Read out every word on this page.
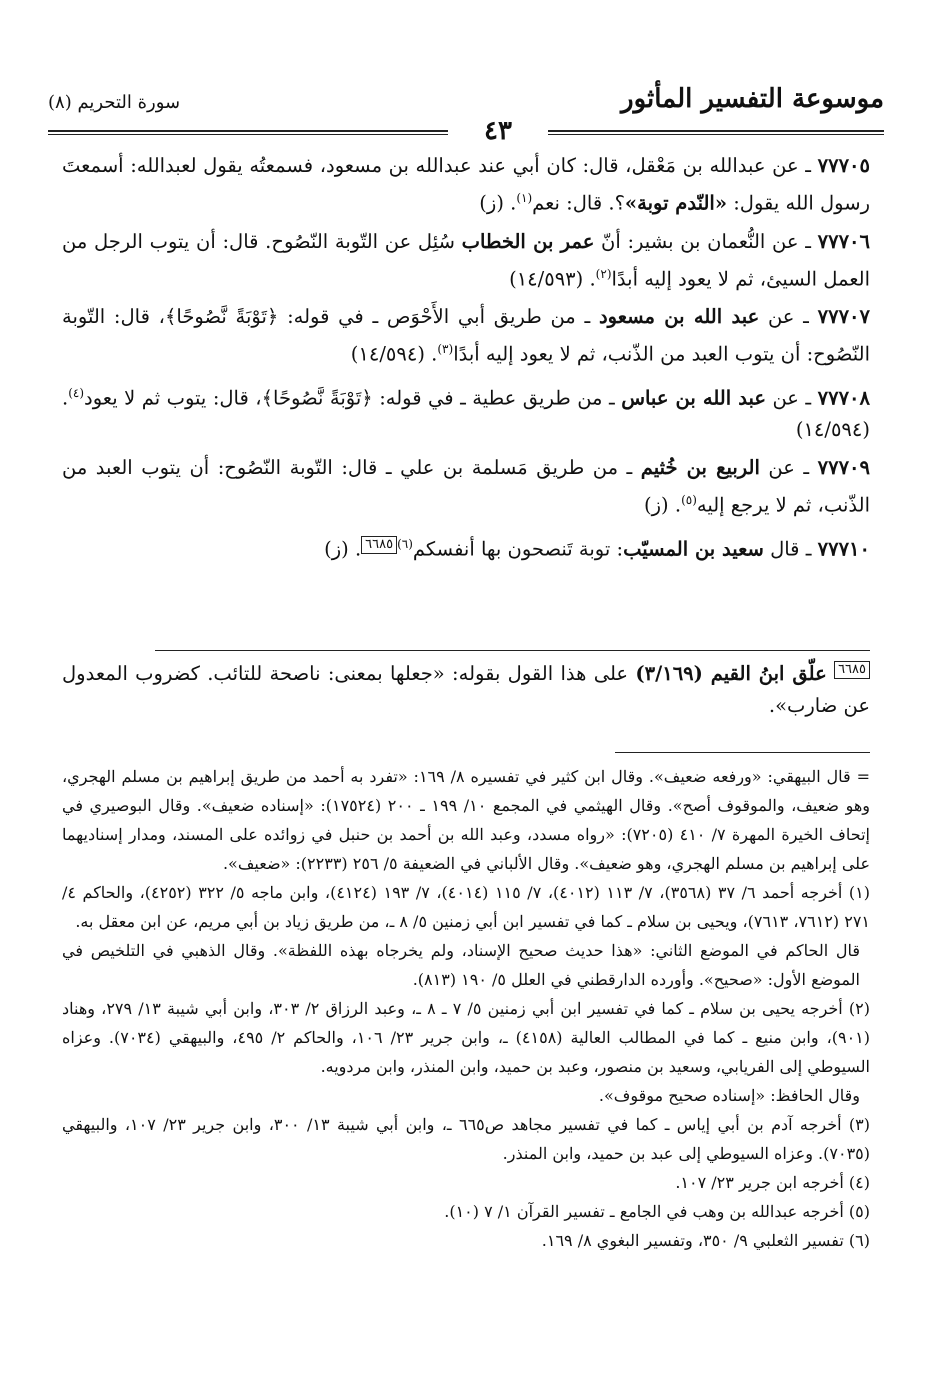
موسوعة التفسير المأثور
سورة التحريم (٨)
٤٣

٧٧٧٠٥ ـ عن عبدالله بن مَعْقل، قال: كان أبي عند عبدالله بن مسعود، فسمعتُه يقول لعبدالله: أسمعتَ رسول الله يقول: «النّدم توبة»؟. قال: نعم$^{(١)}$. (ز)

٧٧٧٠٦ ـ عن النُّعمان بن بشير: أنّ عمر بن الخطاب سُئِل عن التّوبة النّصُوح. قال: أن يتوب الرجل من العمل السيئ، ثم لا يعود إليه أبدًا$^{(٢)}$. (١٤/٥٩٣)

٧٧٧٠٧ ـ عن عبد الله بن مسعود ـ من طريق أبي الأَحْوَص ـ في قوله: ﴿تَوْبَةً نَّصُوحًا﴾، قال: التّوبة النّصُوح: أن يتوب العبد من الذّنب، ثم لا يعود إليه أبدًا$^{(٣)}$. (١٤/٥٩٤)

٧٧٧٠٨ ـ عن عبد الله بن عباس ـ من طريق عطية ـ في قوله: ﴿تَوْبَةً نَّصُوحًا﴾، قال: يتوب ثم لا يعود$^{(٤)}$. (١٤/٥٩٤)

٧٧٧٠٩ ـ عن الربيع بن خُثيم ـ من طريق مَسلمة بن علي ـ قال: التّوبة النّصُوح: أن يتوب العبد من الذّنب، ثم لا يرجع إليه$^{(٥)}$. (ز)

٧٧٧١٠ ـ قال سعيد بن المسيّب: توبة تَنصحون بها أنفسكم$^{(٦)}$٦٦٨٥. (ز)

٦٦٨٥ علّق ابنُ القيم (٣/١٦٩) على هذا القول بقوله: «جعلها بمعنى: ناصحة للتائب. كضروب المعدول عن ضارب».

= قال البيهقي: «ورفعه ضعيف». وقال ابن كثير في تفسيره ٨/ ١٦٩: «تفرد به أحمد من طريق إبراهيم بن مسلم الهجري، وهو ضعيف، والموقوف أصح». وقال الهيثمي في المجمع ١٠/ ١٩٩ ـ ٢٠٠ (١٧٥٢٤): «إسناده ضعيف». وقال البوصيري في إتحاف الخيرة المهرة ٧/ ٤١٠ (٧٢٠٥): «رواه مسدد، وعبد الله بن أحمد بن حنبل في زوائده على المسند، ومدار إسناديهما على إبراهيم بن مسلم الهجري، وهو ضعيف». وقال الألباني في الضعيفة ٥/ ٢٥٦ (٢٢٣٣): «ضعيف».

(١) أخرجه أحمد ٦/ ٣٧ (٣٥٦٨)، ٧/ ١١٣ (٤٠١٢)، ٧/ ١١٥ (٤٠١٤)، ٧/ ١٩٣ (٤١٢٤)، وابن ماجه ٥/ ٣٢٢ (٤٢٥٢)، والحاكم ٤/ ٢٧١ (٧٦١٢، ٧٦١٣)، ويحيى بن سلام ـ كما في تفسير ابن أبي زمنين ٥/ ٨ ـ، من طريق زياد بن أبي مريم، عن ابن معقل به.

قال الحاكم في الموضع الثاني: «هذا حديث صحيح الإسناد، ولم يخرجاه بهذه اللفظة». وقال الذهبي في التلخيص في الموضع الأول: «صحيح». وأورده الدارقطني في العلل ٥/ ١٩٠ (٨١٣).

(٢) أخرجه يحيى بن سلام ـ كما في تفسير ابن أبي زمنين ٥/ ٧ ـ ٨ ـ، وعبد الرزاق ٢/ ٣٠٣، وابن أبي شيبة ١٣/ ٢٧٩، وهناد (٩٠١)، وابن منيع ـ كما في المطالب العالية (٤١٥٨) ـ، وابن جرير ٢٣/ ١٠٦، والحاكم ٢/ ٤٩٥، والبيهقي (٧٠٣٤). وعزاه السيوطي إلى الفريابي، وسعيد بن منصور، وعبد بن حميد، وابن المنذر، وابن مردويه.

وقال الحافظ: «إسناده صحيح موقوف».

(٣) أخرجه آدم بن أبي إياس ـ كما في تفسير مجاهد ص٦٦٥ ـ، وابن أبي شيبة ١٣/ ٣٠٠، وابن جرير ٢٣/ ١٠٧، والبيهقي (٧٠٣٥). وعزاه السيوطي إلى عبد بن حميد، وابن المنذر.

(٤) أخرجه ابن جرير ٢٣/ ١٠٧.

(٥) أخرجه عبدالله بن وهب في الجامع ـ تفسير القرآن ١/ ٧ (١٠).

(٦) تفسير الثعلبي ٩/ ٣٥٠، وتفسير البغوي ٨/ ١٦٩.
